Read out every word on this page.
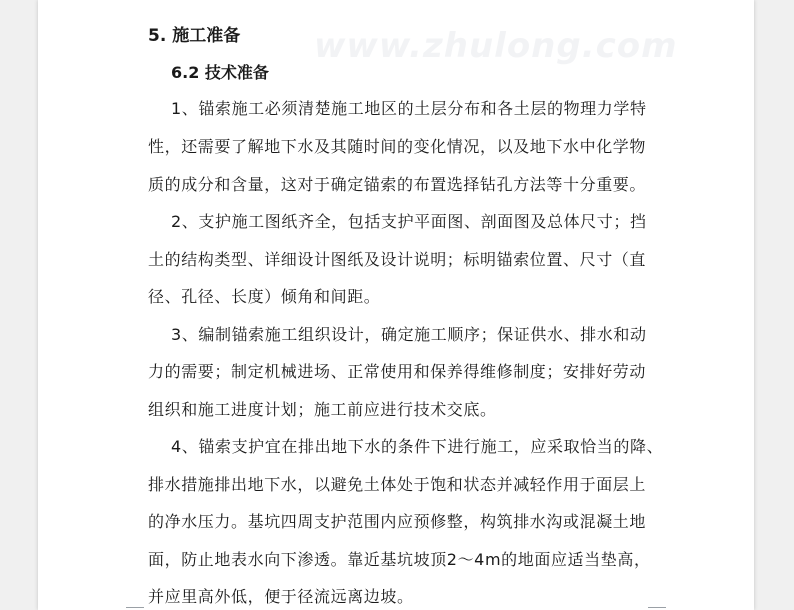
www.zhulong.com
5. 施工准备
6.2 技术准备
1、锚索施工必须清楚施工地区的土层分布和各土层的物理力学特
性，还需要了解地下水及其随时间的变化情况，以及地下水中化学物
质的成分和含量，这对于确定锚索的布置选择钻孔方法等十分重要。
2、支护施工图纸齐全，包括支护平面图、剖面图及总体尺寸；挡
土的结构类型、详细设计图纸及设计说明；标明锚索位置、尺寸（直
径、孔径、长度）倾角和间距。
3、编制锚索施工组织设计，确定施工顺序；保证供水、排水和动
力的需要；制定机械进场、正常使用和保养得维修制度；安排好劳动
组织和施工进度计划；施工前应进行技术交底。
4、锚索支护宜在排出地下水的条件下进行施工，应采取恰当的降、
排水措施排出地下水，以避免土体处于饱和状态并减轻作用于面层上
的净水压力。基坑四周支护范围内应预修整，构筑排水沟或混凝土地
面，防止地表水向下渗透。靠近基坑坡顶2～4m的地面应适当垫高，
并应里高外低，便于径流远离边坡。
